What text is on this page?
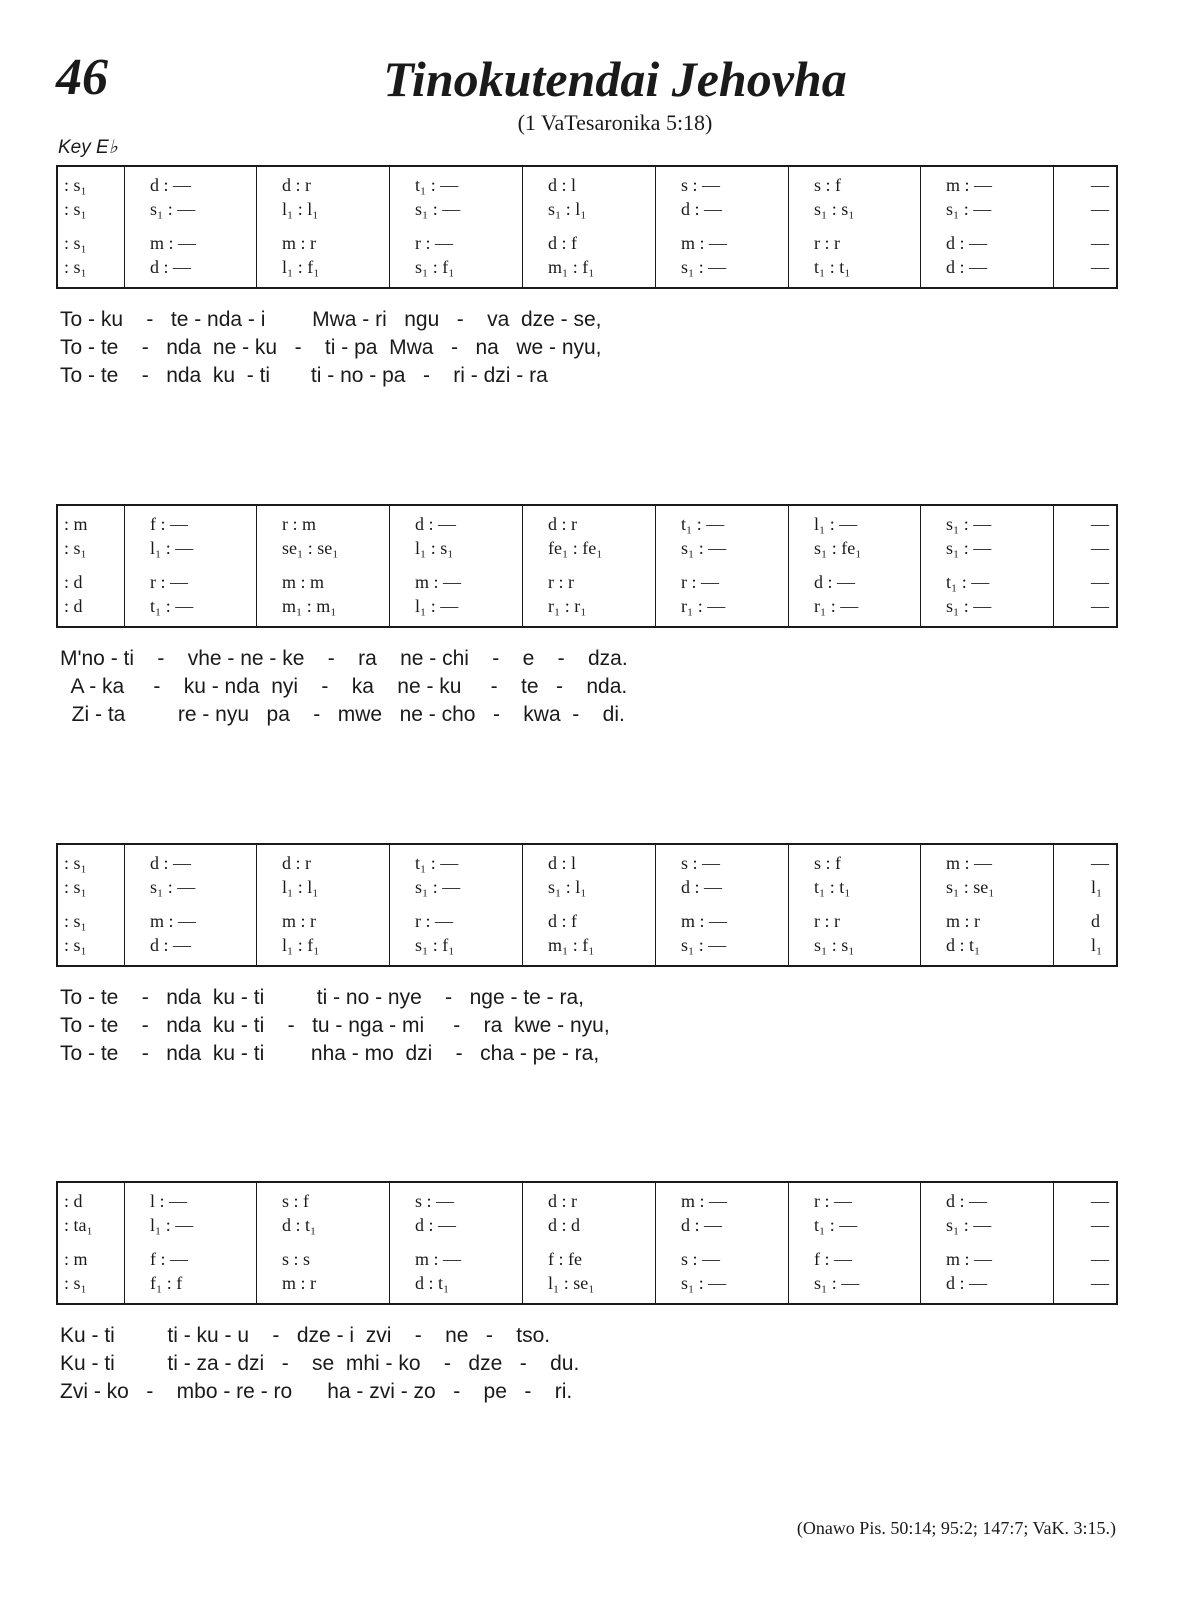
46	Tinokutendai Jehovha
(1 VaTesaronika 5:18)
Key E♭
: s₁	d : —	d : r	t₁ : —	d : l	s : —	s : f	m : —	—
: s₁	s₁ : —	l₁ : l₁	s₁ : —	s₁ : l₁	d : —	s₁ : s₁	s₁ : —	—
: s₁	m : —	m : r	r : —	d : f	m : —	r : r	d : —	—
: s₁	d : —	l₁ : f₁	s₁ : f₁	m₁ : f₁	s₁ : —	t₁ : t₁	d : —	—
To - ku    -   te - nda - i        Mwa - ri   ngu   -    va  dze - se,
To - te    -   nda  ne - ku   -    ti - pa  Mwa   -   na   we - nyu,
To - te    -   nda  ku  - ti       ti - no - pa   -    ri - dzi - ra
: m	f : —	r : m	d : —	d : r	t₁ : —	l₁ : —	s₁ : —	—
: s₁	l₁ : —	se₁ : se₁	l₁ : s₁	fe₁ : fe₁	s₁ : —	s₁ : fe₁	s₁ : —	—
: d	r : —	m : m	m : —	r : r	r : —	d : —	t₁ : —	—
: d	t₁ : —	m₁ : m₁	l₁ : —	r₁ : r₁	r₁ : —	r₁ : —	s₁ : —	—
M'no - ti    -    vhe - ne - ke    -    ra    ne - chi    -    e    -    dza.
A - ka     -    ku - nda  nyi    -    ka    ne - ku     -    te   -    nda.
Zi - ta         re - nyu   pa    -   mwe   ne - cho   -    kwa  -    di.
: s₁	d : —	d : r	t₁ : —	d : l	s : —	s : f	m : —	—
: s₁	s₁ : —	l₁ : l₁	s₁ : —	s₁ : l₁	d : —	t₁ : t₁	s₁ : se₁	l₁
: s₁	m : —	m : r	r : —	d : f	m : —	r : r	m : r	d
: s₁	d : —	l₁ : f₁	s₁ : f₁	m₁ : f₁	s₁ : —	s₁ : s₁	d : t₁	l₁
To - te    -   nda  ku - ti         ti - no - nye    -   nge - te - ra,
To - te    -   nda  ku - ti    -   tu - nga - mi     -    ra  kwe - nyu,
To - te    -   nda  ku - ti        nha - mo  dzi    -   cha - pe - ra,
: d	l : —	s : f	s : —	d : r	m : —	r : —	d : —	—
: ta₁	l₁ : —	d : t₁	d : —	d : d	d : —	t₁ : —	s₁ : —	—
: m	f : —	s : s	m : —	f : fe	s : —	f : —	m : —	—
: s₁	f₁ : f	m : r	d : t₁	l₁ : se₁	s₁ : —	s₁ : —	d : —	—
Ku - ti         ti - ku - u    -   dze - i  zvi    -    ne   -    tso.
Ku - ti         ti - za - dzi   -    se  mhi - ko    -   dze   -    du.
Zvi - ko   -    mbo - re - ro      ha - zvi - zo   -    pe   -    ri.
(Onawo Pis. 50:14; 95:2; 147:7; VaK. 3:15.)
